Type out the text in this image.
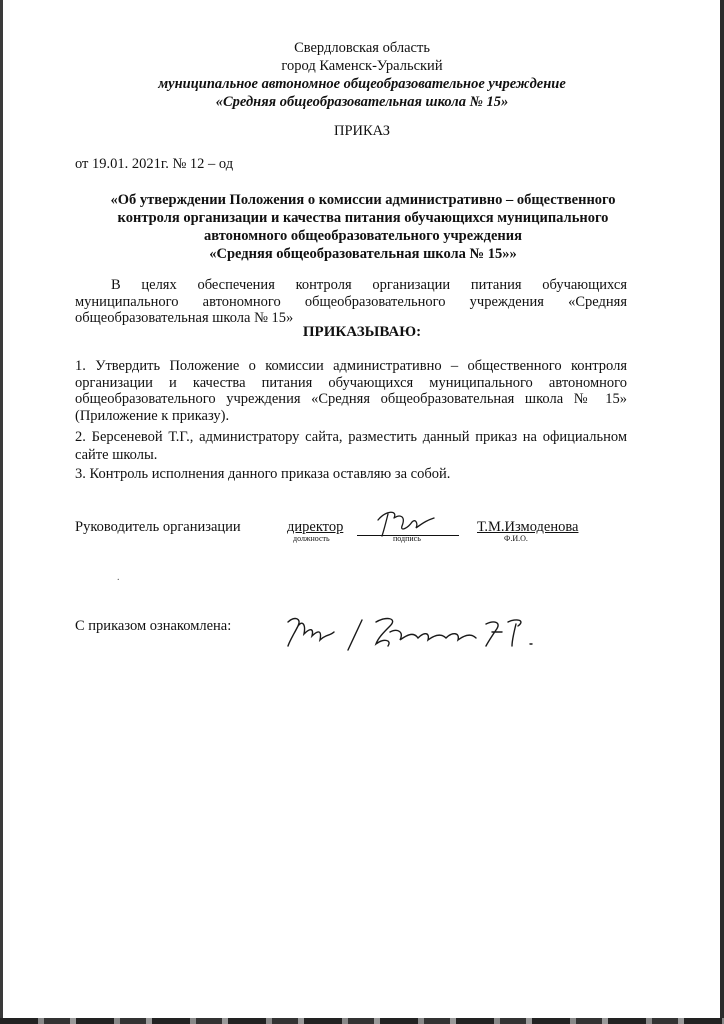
Свердловская область
город Каменск-Уральский
муниципальное автономное общеобразовательное учреждение
«Средняя общеобразовательная школа № 15»
ПРИКАЗ
от 19.01. 2021г. № 12 – од
«Об утверждении Положения о комиссии административно – общественного
контроля организации и качества питания обучающихся муниципального
автономного общеобразовательного учреждения
«Средняя общеобразовательная школа № 15»»
В целях обеспечения контроля организации питания обучающихся
муниципального автономного общеобразовательного учреждения «Средняя
общеобразовательная школа № 15»
ПРИКАЗЫВАЮ:
1. Утвердить Положение о комиссии административно – общественного контроля
организации и качества питания обучающихся муниципального автономного
общеобразовательного учреждения «Средняя общеобразовательная школа № 15»
(Приложение к приказу).
2. Берсеневой Т.Г., администратору сайта, разместить данный приказ на официальном
сайте школы.
3. Контроль исполнения данного приказа оставляю за собой.
Руководитель организации	директор
должность	подпись
Т.М.Измоденова
Ф.И.О.
.
С приказом ознакомлена:
